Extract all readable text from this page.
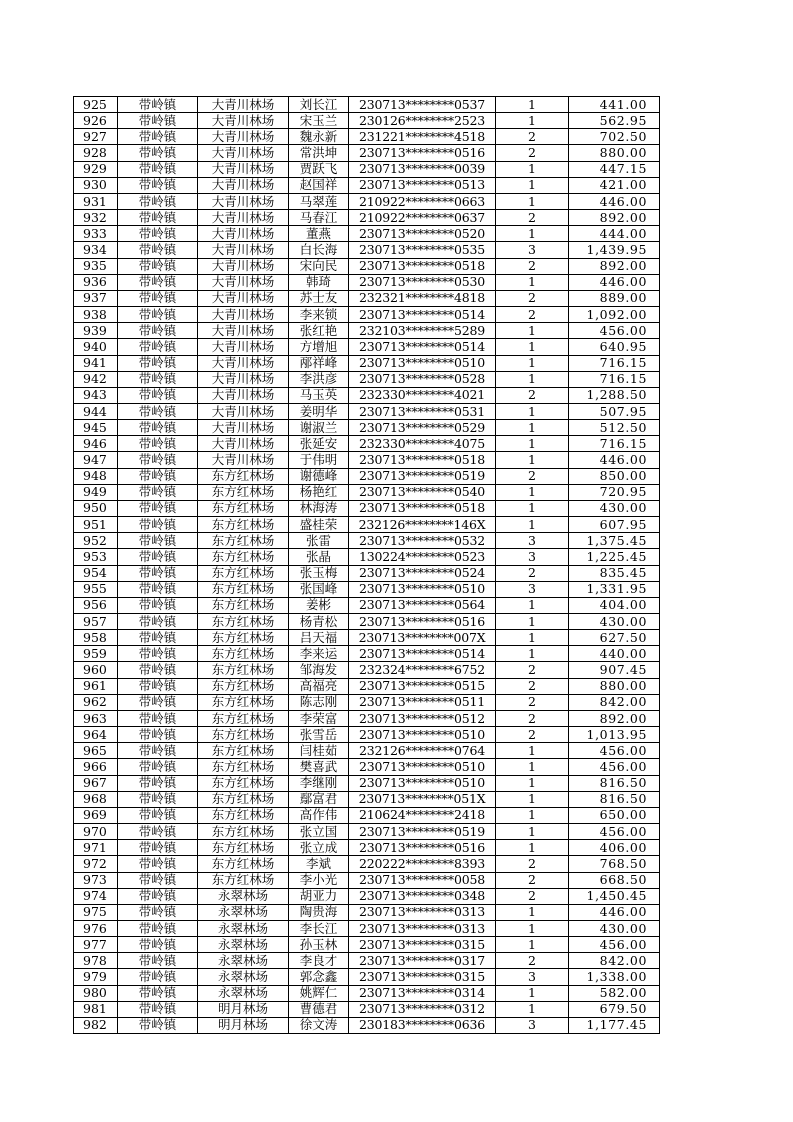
925	带岭镇	大青川林场	刘长江	230713********0537	1	441.00
926	带岭镇	大青川林场	宋玉兰	230126********2523	1	562.95
927	带岭镇	大青川林场	魏永新	231221********4518	2	702.50
928	带岭镇	大青川林场	常洪坤	230713********0516	2	880.00
929	带岭镇	大青川林场	贾跃飞	230713********0039	1	447.15
930	带岭镇	大青川林场	赵国祥	230713********0513	1	421.00
931	带岭镇	大青川林场	马翠莲	210922********0663	1	446.00
932	带岭镇	大青川林场	马春江	210922********0637	2	892.00
933	带岭镇	大青川林场	董燕	230713********0520	1	444.00
934	带岭镇	大青川林场	白长海	230713********0535	3	1,439.95
935	带岭镇	大青川林场	宋向民	230713********0518	2	892.00
936	带岭镇	大青川林场	韩琦	230713********0530	1	446.00
937	带岭镇	大青川林场	苏士友	232321********4818	2	889.00
938	带岭镇	大青川林场	李来锁	230713********0514	2	1,092.00
939	带岭镇	大青川林场	张红艳	232103********5289	1	456.00
940	带岭镇	大青川林场	方增旭	230713********0514	1	640.95
941	带岭镇	大青川林场	邴祥峰	230713********0510	1	716.15
942	带岭镇	大青川林场	李洪彦	230713********0528	1	716.15
943	带岭镇	大青川林场	马玉英	232330********4021	2	1,288.50
944	带岭镇	大青川林场	姜明华	230713********0531	1	507.95
945	带岭镇	大青川林场	谢淑兰	230713********0529	1	512.50
946	带岭镇	大青川林场	张延安	232330********4075	1	716.15
947	带岭镇	大青川林场	于伟明	230713********0518	1	446.00
948	带岭镇	东方红林场	谢德峰	230713********0519	2	850.00
949	带岭镇	东方红林场	杨艳红	230713********0540	1	720.95
950	带岭镇	东方红林场	林海涛	230713********0518	1	430.00
951	带岭镇	东方红林场	盛桂荣	232126********146X	1	607.95
952	带岭镇	东方红林场	张雷	230713********0532	3	1,375.45
953	带岭镇	东方红林场	张晶	130224********0523	3	1,225.45
954	带岭镇	东方红林场	张玉梅	230713********0524	2	835.45
955	带岭镇	东方红林场	张国峰	230713********0510	3	1,331.95
956	带岭镇	东方红林场	姜彬	230713********0564	1	404.00
957	带岭镇	东方红林场	杨青松	230713********0516	1	430.00
958	带岭镇	东方红林场	吕天福	230713********007X	1	627.50
959	带岭镇	东方红林场	李来运	230713********0514	1	440.00
960	带岭镇	东方红林场	邹海发	232324********6752	2	907.45
961	带岭镇	东方红林场	高福亮	230713********0515	2	880.00
962	带岭镇	东方红林场	陈志刚	230713********0511	2	842.00
963	带岭镇	东方红林场	李荣富	230713********0512	2	892.00
964	带岭镇	东方红林场	张雪岳	230713********0510	2	1,013.95
965	带岭镇	东方红林场	闫桂茹	232126********0764	1	456.00
966	带岭镇	东方红林场	樊喜武	230713********0510	1	456.00
967	带岭镇	东方红林场	李继刚	230713********0510	1	816.50
968	带岭镇	东方红林场	鄢富君	230713********051X	1	816.50
969	带岭镇	东方红林场	高作伟	210624********2418	1	650.00
970	带岭镇	东方红林场	张立国	230713********0519	1	456.00
971	带岭镇	东方红林场	张立成	230713********0516	1	406.00
972	带岭镇	东方红林场	李斌	220222********8393	2	768.50
973	带岭镇	东方红林场	李小光	230713********0058	2	668.50
974	带岭镇	永翠林场	胡亚力	230713********0348	2	1,450.45
975	带岭镇	永翠林场	陶贵海	230713********0313	1	446.00
976	带岭镇	永翠林场	李长江	230713********0313	1	430.00
977	带岭镇	永翠林场	孙玉林	230713********0315	1	456.00
978	带岭镇	永翠林场	李良才	230713********0317	2	842.00
979	带岭镇	永翠林场	郭念鑫	230713********0315	3	1,338.00
980	带岭镇	永翠林场	姚辉仁	230713********0314	1	582.00
981	带岭镇	明月林场	曹德君	230713********0312	1	679.50
982	带岭镇	明月林场	徐文涛	230183********0636	3	1,177.45
